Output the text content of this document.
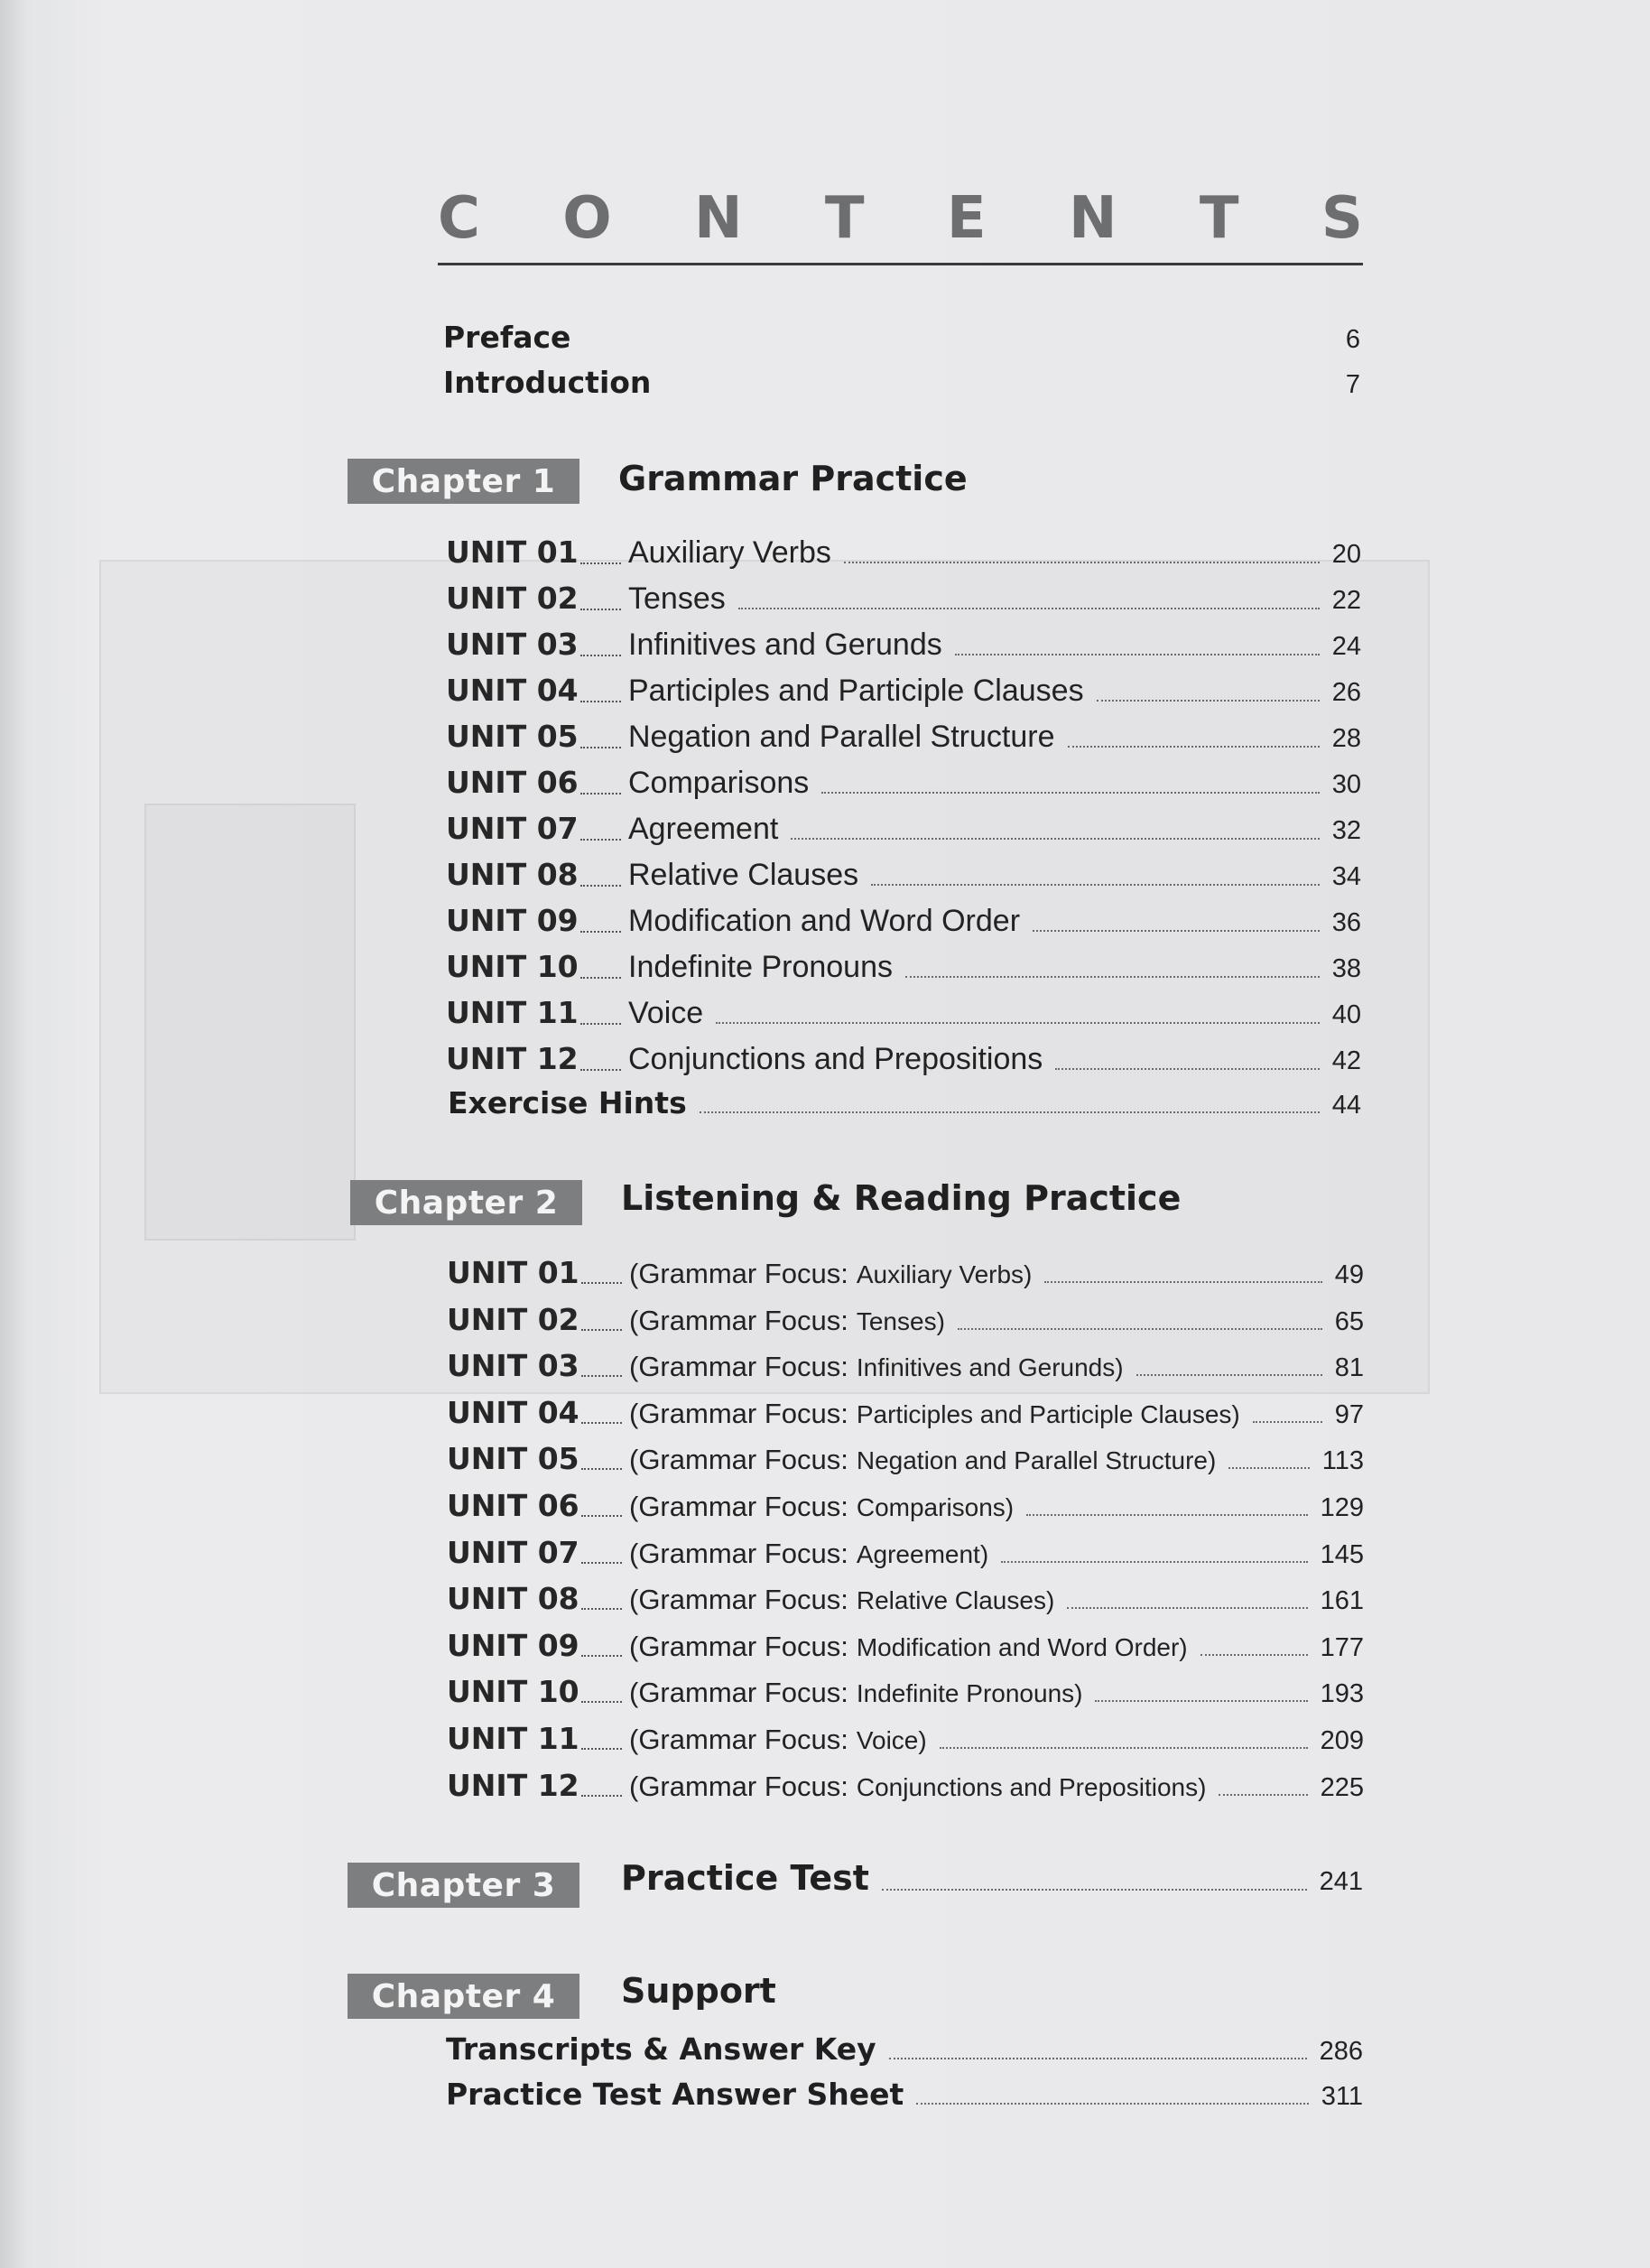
C O N T E N T S
Preface	6
Introduction	7
Chapter 1	Grammar Practice
UNIT 01 Auxiliary Verbs	20
UNIT 02 Tenses	22
UNIT 03 Infinitives and Gerunds	24
UNIT 04 Participles and Participle Clauses	26
UNIT 05 Negation and Parallel Structure	28
UNIT 06 Comparisons	30
UNIT 07 Agreement	32
UNIT 08 Relative Clauses	34
UNIT 09 Modification and Word Order	36
UNIT 10 Indefinite Pronouns	38
UNIT 11 Voice	40
UNIT 12 Conjunctions and Prepositions	42
Exercise Hints	44
Chapter 2	Listening & Reading Practice
UNIT 01 (Grammar Focus: Auxiliary Verbs)	49
UNIT 02 (Grammar Focus: Tenses)	65
UNIT 03 (Grammar Focus: Infinitives and Gerunds)	81
UNIT 04 (Grammar Focus: Participles and Participle Clauses)	97
UNIT 05 (Grammar Focus: Negation and Parallel Structure)	113
UNIT 06 (Grammar Focus: Comparisons)	129
UNIT 07 (Grammar Focus: Agreement)	145
UNIT 08 (Grammar Focus: Relative Clauses)	161
UNIT 09 (Grammar Focus: Modification and Word Order)	177
UNIT 10 (Grammar Focus: Indefinite Pronouns)	193
UNIT 11 (Grammar Focus: Voice)	209
UNIT 12 (Grammar Focus: Conjunctions and Prepositions)	225
Chapter 3	Practice Test	241
Chapter 4	Support
Transcripts & Answer Key	286
Practice Test Answer Sheet	311
